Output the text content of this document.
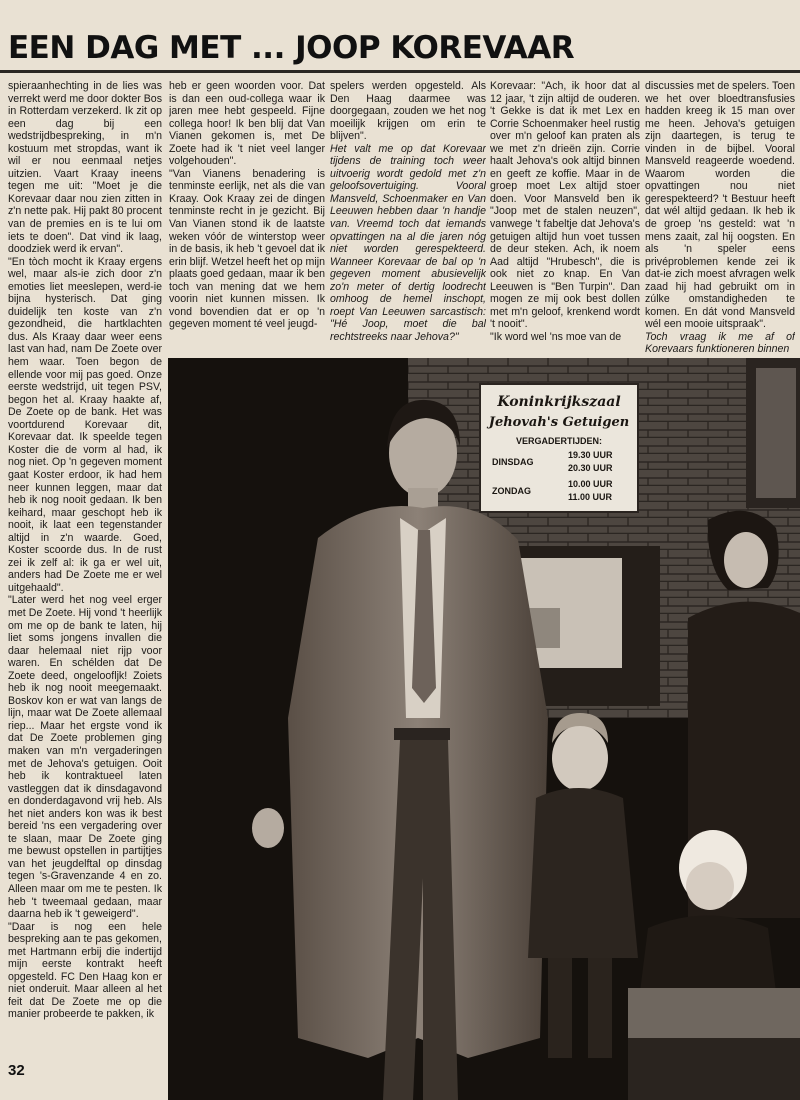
EEN DAG MET ... JOOP KOREVAAR

spieraanhechting in de lies was verrekt werd me door dokter Bos in Rotterdam verzekerd. Ik zit op een dag bij een wedstrijdbespreking, in m'n kostuum met stropdas, want ik wil er nou eenmaal netjes uitzien. Vaart Kraay ineens tegen me uit: "Moet je die Korevaar daar nou zien zitten in z'n nette pak. Hij pakt 80 procent van de premies en is te lui om iets te doen". Dat vind ik laag, doodziek werd ik ervan".

"En tòch mocht ik Kraay ergens wel, maar als-ie zich door z'n emoties liet meeslepen, werd-ie bijna hysterisch. Dat ging duidelijk ten koste van z'n gezondheid, die hartklachten dus. Als Kraay daar weer eens last van had, nam De Zoete over hem waar. Toen begon de ellende voor mij pas goed. Onze eerste wedstrijd, uit tegen PSV, begon het al. Kraay haakte af, De Zoete op de bank. Het was voortdurend Korevaar dit, Korevaar dat. Ik speelde tegen Koster die de vorm al had, ik nog niet. Op 'n gegeven moment gaat Koster erdoor, ik had hem neer kunnen leggen, maar dat heb ik nog nooit gedaan. Ik ben keihard, maar geschopt heb ik nooit, ik laat een tegenstander altijd in z'n waarde. Goed, Koster scoorde dus. In de rust zei ik zelf al: ik ga er wel uit, anders had De Zoete me er wel uitgehaald".

"Later werd het nog veel erger met De Zoete. Hij vond 't heerlijk om me op de bank te laten, hij liet soms jongens invallen die daar helemaal niet rijp voor waren. En schélden dat De Zoete deed, ongeloofljk! Zoiets heb ik nog nooit meegemaakt. Boskov kon er wat van langs de lijn, maar wat De Zoete allemaal riep... Maar het ergste vond ik dat De Zoete problemen ging maken van m'n vergaderingen met de Jehova's getuigen. Ooit heb ik kontraktueel laten vastleggen dat ik dinsdagavond en donderdagavond vrij heb. Als het niet anders kon was ik best bereid 'ns een vergadering over te slaan, maar De Zoete ging me bewust opstellen in partijtjes van het jeugdelftal op dinsdag tegen 's-Gravenzande 4 en zo. Alleen maar om me te pesten. Ik heb 't tweemaal gedaan, maar daarna heb ik 't geweigerd".

"Daar is nog een hele bespreking aan te pas gekomen, met Hartmann erbij die indertijd mijn eerste kontrakt heeft opgesteld. FC Den Haag kon er niet onderuit. Maar alleen al het feit dat De Zoete me op die manier probeerde te pakken, ik

heb er geen woorden voor. Dat is dan een oud-collega waar ik jaren mee hebt gespeeld. Fijne collega hoor! Ik ben blij dat Van Vianen gekomen is, met De Zoete had ik 't niet veel langer volgehouden".

"Van Vianens benadering is tenminste eerlijk, net als die van Kraay. Ook Kraay zei de dingen tenminste recht in je gezicht. Bij Van Vianen stond ik de laatste weken vóór de winterstop weer in de basis, ik heb 't gevoel dat ik erin blijf. Wetzel heeft het op mijn plaats goed gedaan, maar ik ben toch van mening dat we hem voorin niet kunnen missen. Ik vond bovendien dat er op 'n gegeven moment té veel jeugd-

spelers werden opgesteld. Als Den Haag daarmee was doorgegaan, zouden we het nog moeilijk krijgen om erin te blijven".

Het valt me op dat Korevaar tijdens de training toch weer uitvoerig wordt gedold met z'n geloofsovertuiging. Vooral Mansveld, Schoenmaker en Van Leeuwen hebben daar 'n handje van. Vreemd toch dat iemands opvattingen na al die jaren nóg niet worden gerespekteerd. Wanneer Korevaar de bal op 'n gegeven moment abusievelijk zo'n meter of dertig loodrecht omhoog de hemel inschopt, roept Van Leeuwen sarcastisch: "Hé Joop, moet die bal rechtstreeks naar Jehova?"

Korevaar: "Ach, ik hoor dat al 12 jaar, 't zijn altijd de ouderen. 't Gekke is dat ik met Lex en Corrie Schoenmaker heel rustig over m'n geloof kan praten als we met z'n drieën zijn. Corrie haalt Jehova's ook altijd binnen en geeft ze koffie. Maar in de groep moet Lex altijd stoer doen. Voor Mansveld ben ik "Joop met de stalen neuzen", vanwege 't fabeltje dat Jehova's getuigen altijd hun voet tussen de deur steken. Ach, ik noem Aad altijd "Hrubesch", die is ook niet zo knap. En Van Leeuwen is "Ben Turpin". Dan mogen ze mij ook best dollen met m'n geloof, krenkend wordt 't nooit".

"Ik word wel 'ns moe van de

discussies met de spelers. Toen we het over bloedtransfusies hadden kreeg ik 15 man over me heen. Jehova's getuigen zijn daartegen, is terug te vinden in de bijbel. Vooral Mansveld reageerde woedend. Waarom worden die opvattingen nou niet gerespekteerd? 't Bestuur heeft dat wél altijd gedaan. Ik heb ik de groep 'ns gesteld: wat 'n mens zaait, zal hij oogsten. En als 'n speler eens privéproblemen kende zei ik dat-ie zich moest afvragen welk zaad hij had gebruikt om in zúlke omstandigheden te komen. En dát vond Mansveld wél een mooie uitspraak".

Toch vraag ik me af of Korevaars funktioneren binnen

Koninkrijkszaal
Jehovah's Getuigen
VERGADERTIJDEN:
DINSDAG
19.30 UUR
20.30 UUR
ZONDAG
10.00 UUR
11.00 UUR
32
